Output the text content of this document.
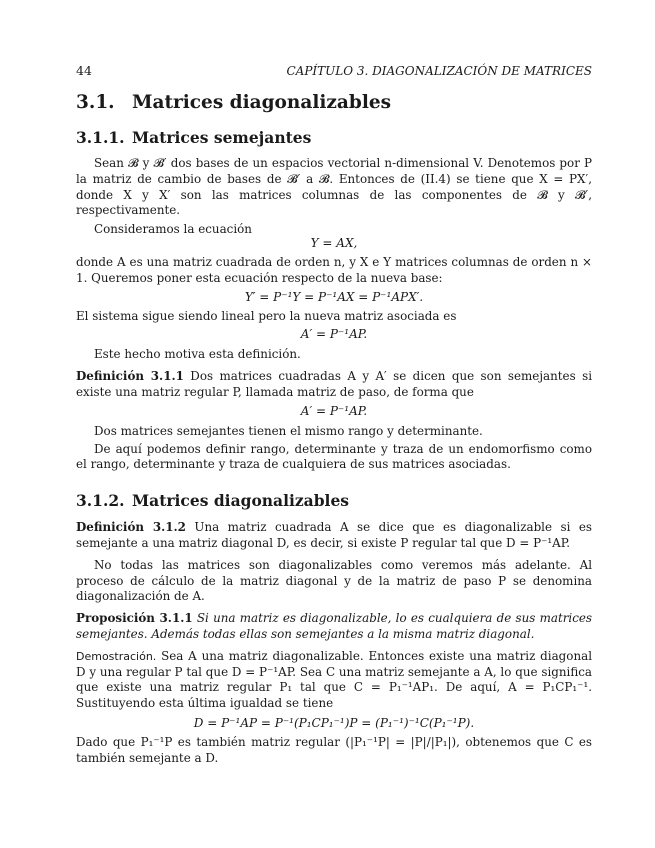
44	CAPÍTULO 3. DIAGONALIZACIÓN DE MATRICES
3.1. Matrices diagonalizables
3.1.1. Matrices semejantes

Sean 𝓑 y 𝓑′ dos bases de un espacios vectorial n-dimensional V. Denotemos por P la matriz de cambio de bases de 𝓑′ a 𝓑. Entonces de (II.4) se tiene que X = PX′, donde X y X′ son las matrices columnas de las componentes de 𝓑 y 𝓑′, respectivamente.

Consideramos la ecuación

Y = AX,

donde A es una matriz cuadrada de orden n, y X e Y matrices columnas de orden n × 1. Queremos poner esta ecuación respecto de la nueva base:

Y′ = P⁻¹Y = P⁻¹AX = P⁻¹APX′.

El sistema sigue siendo lineal pero la nueva matriz asociada es

A′ = P⁻¹AP.

Este hecho motiva esta definición.

Definición 3.1.1 Dos matrices cuadradas A y A′ se dicen que son semejantes si existe una matriz regular P, llamada matriz de paso, de forma que

A′ = P⁻¹AP.

Dos matrices semejantes tienen el mismo rango y determinante.

De aquí podemos definir rango, determinante y traza de un endomorfismo como el rango, determinante y traza de cualquiera de sus matrices asociadas.

3.1.2. Matrices diagonalizables

Definición 3.1.2 Una matriz cuadrada A se dice que es diagonalizable si es semejante a una matriz diagonal D, es decir, si existe P regular tal que D = P⁻¹AP.

No todas las matrices son diagonalizables como veremos más adelante. Al proceso de cálculo de la matriz diagonal y de la matriz de paso P se denomina diagonalización de A.

Proposición 3.1.1 Si una matriz es diagonalizable, lo es cualquiera de sus matrices semejantes. Además todas ellas son semejantes a la misma matriz diagonal.

Demostración. Sea A una matriz diagonalizable. Entonces existe una matriz diagonal D y una regular P tal que D = P⁻¹AP. Sea C una matriz semejante a A, lo que significa que existe una matriz regular P₁ tal que C = P₁⁻¹AP₁. De aquí, A = P₁CP₁⁻¹. Sustituyendo esta última igualdad se tiene

D = P⁻¹AP = P⁻¹(P₁CP₁⁻¹)P = (P₁⁻¹)⁻¹C(P₁⁻¹P).

Dado que P₁⁻¹P es también matriz regular (|P₁⁻¹P| = |P|/|P₁|), obtenemos que C es también semejante a D.
